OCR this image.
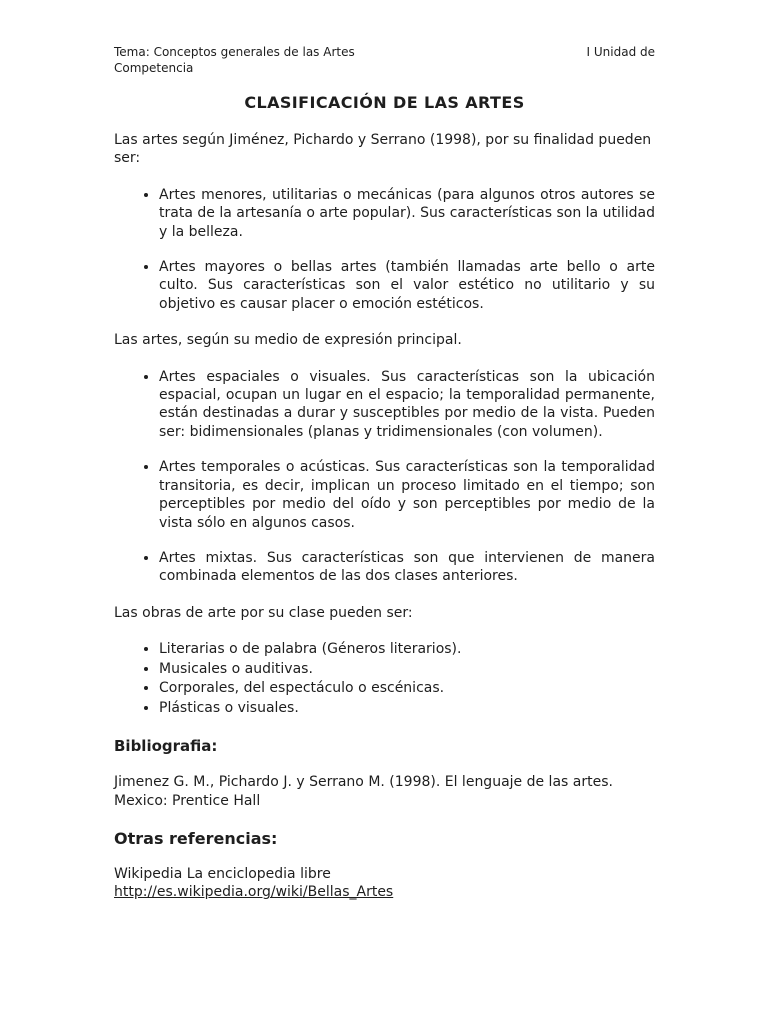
Tema: Conceptos generales de las Artes	I Unidad de
Competencia
CLASIFICACIÓN DE LAS ARTES
Las artes según Jiménez, Pichardo y Serrano (1998), por su finalidad pueden ser:
• Artes menores, utilitarias o mecánicas (para algunos otros autores se trata de la artesanía o arte popular). Sus características son la utilidad y la belleza.
• Artes mayores o bellas artes (también llamadas arte bello o arte culto. Sus características son el valor estético no utilitario y su objetivo es causar placer o emoción estéticos.
Las artes, según su medio de expresión principal.
• Artes espaciales o visuales. Sus características son la ubicación espacial, ocupan un lugar en el espacio; la temporalidad permanente, están destinadas a durar y susceptibles por medio de la vista. Pueden ser: bidimensionales (planas y tridimensionales (con volumen).
• Artes temporales o acústicas. Sus características son la temporalidad transitoria, es decir, implican un proceso limitado en el tiempo; son perceptibles por medio del oído y son perceptibles por medio de la vista sólo en algunos casos.
• Artes mixtas. Sus características son que intervienen de manera combinada elementos de las dos clases anteriores.
Las obras de arte por su clase pueden ser:
• Literarias o de palabra (Géneros literarios).
• Musicales o auditivas.
• Corporales, del espectáculo o escénicas.
• Plásticas o visuales.
Bibliografia:
Jimenez G. M., Pichardo J. y Serrano M. (1998). El lenguaje de las artes.
Mexico: Prentice Hall
Otras referencias:
Wikipedia La enciclopedia libre
http://es.wikipedia.org/wiki/Bellas_Artes
